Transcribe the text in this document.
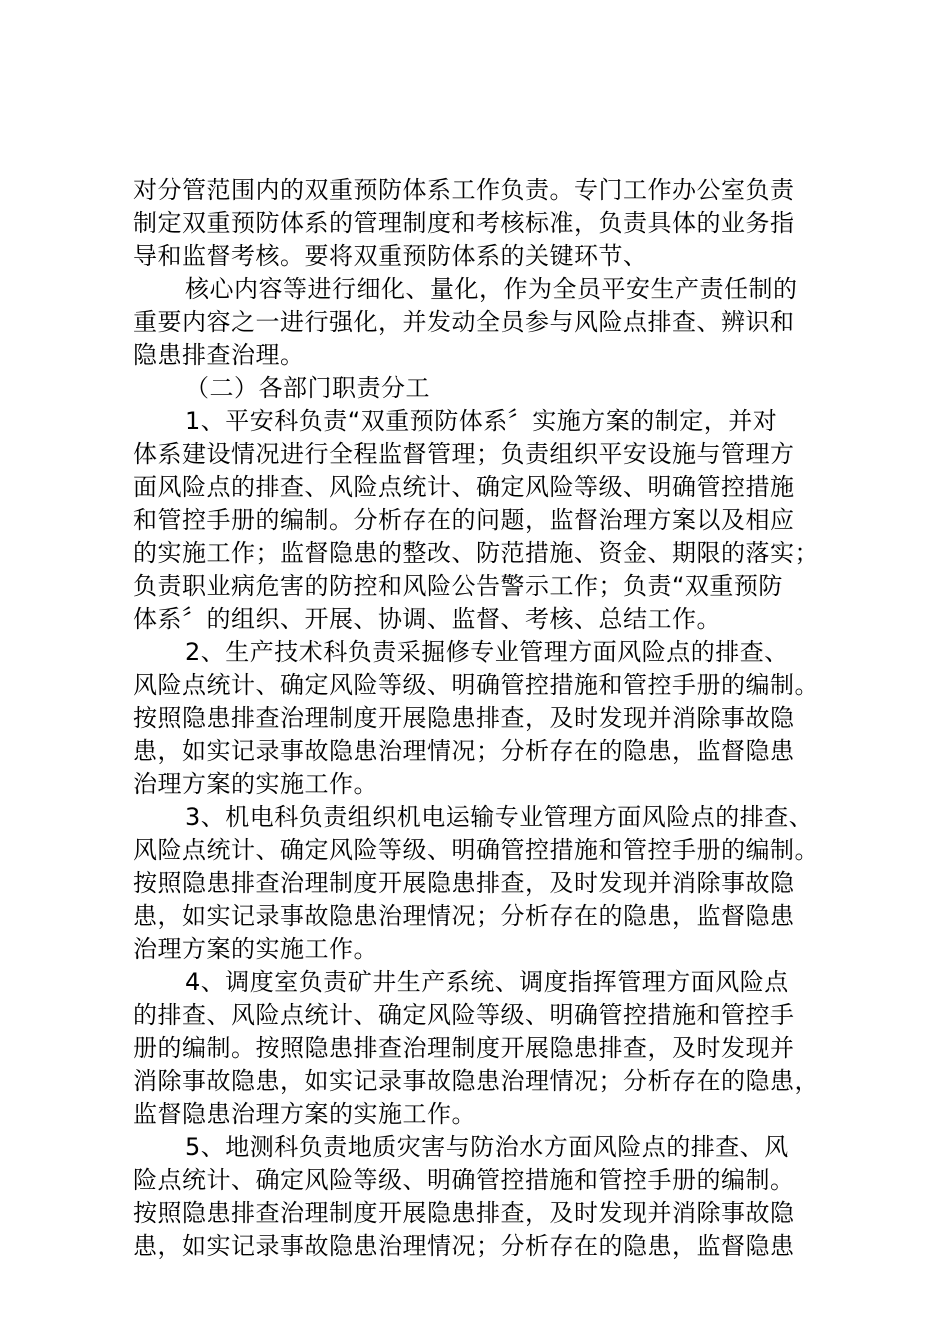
对分管范围内的双重预防体系工作负责。专门工作办公室负责
制定双重预防体系的管理制度和考核标准，负责具体的业务指
导和监督考核。要将双重预防体系的关键环节、
核心内容等进行细化、量化，作为全员平安生产责任制的
重要内容之一进行强化，并发动全员参与风险点排查、辨识和
隐患排查治理。
（二）各部门职责分工
1、平安科负责“双重预防体系〞实施方案的制定，并对
体系建设情况进行全程监督管理；负责组织平安设施与管理方
面风险点的排查、风险点统计、确定风险等级、明确管控措施
和管控手册的编制。分析存在的问题，监督治理方案以及相应
的实施工作；监督隐患的整改、防范措施、资金、期限的落实；
负责职业病危害的防控和风险公告警示工作；负责“双重预防
体系〞的组织、开展、协调、监督、考核、总结工作。
2、生产技术科负责采掘修专业管理方面风险点的排查、
风险点统计、确定风险等级、明确管控措施和管控手册的编制。
按照隐患排查治理制度开展隐患排查，及时发现并消除事故隐
患，如实记录事故隐患治理情况；分析存在的隐患，监督隐患
治理方案的实施工作。
3、机电科负责组织机电运输专业管理方面风险点的排查、
风险点统计、确定风险等级、明确管控措施和管控手册的编制。
按照隐患排查治理制度开展隐患排查，及时发现并消除事故隐
患，如实记录事故隐患治理情况；分析存在的隐患，监督隐患
治理方案的实施工作。
4、调度室负责矿井生产系统、调度指挥管理方面风险点
的排查、风险点统计、确定风险等级、明确管控措施和管控手
册的编制。按照隐患排查治理制度开展隐患排查，及时发现并
消除事故隐患，如实记录事故隐患治理情况；分析存在的隐患，
监督隐患治理方案的实施工作。
5、地测科负责地质灾害与防治水方面风险点的排查、风
险点统计、确定风险等级、明确管控措施和管控手册的编制。
按照隐患排查治理制度开展隐患排查，及时发现并消除事故隐
患，如实记录事故隐患治理情况；分析存在的隐患，监督隐患
